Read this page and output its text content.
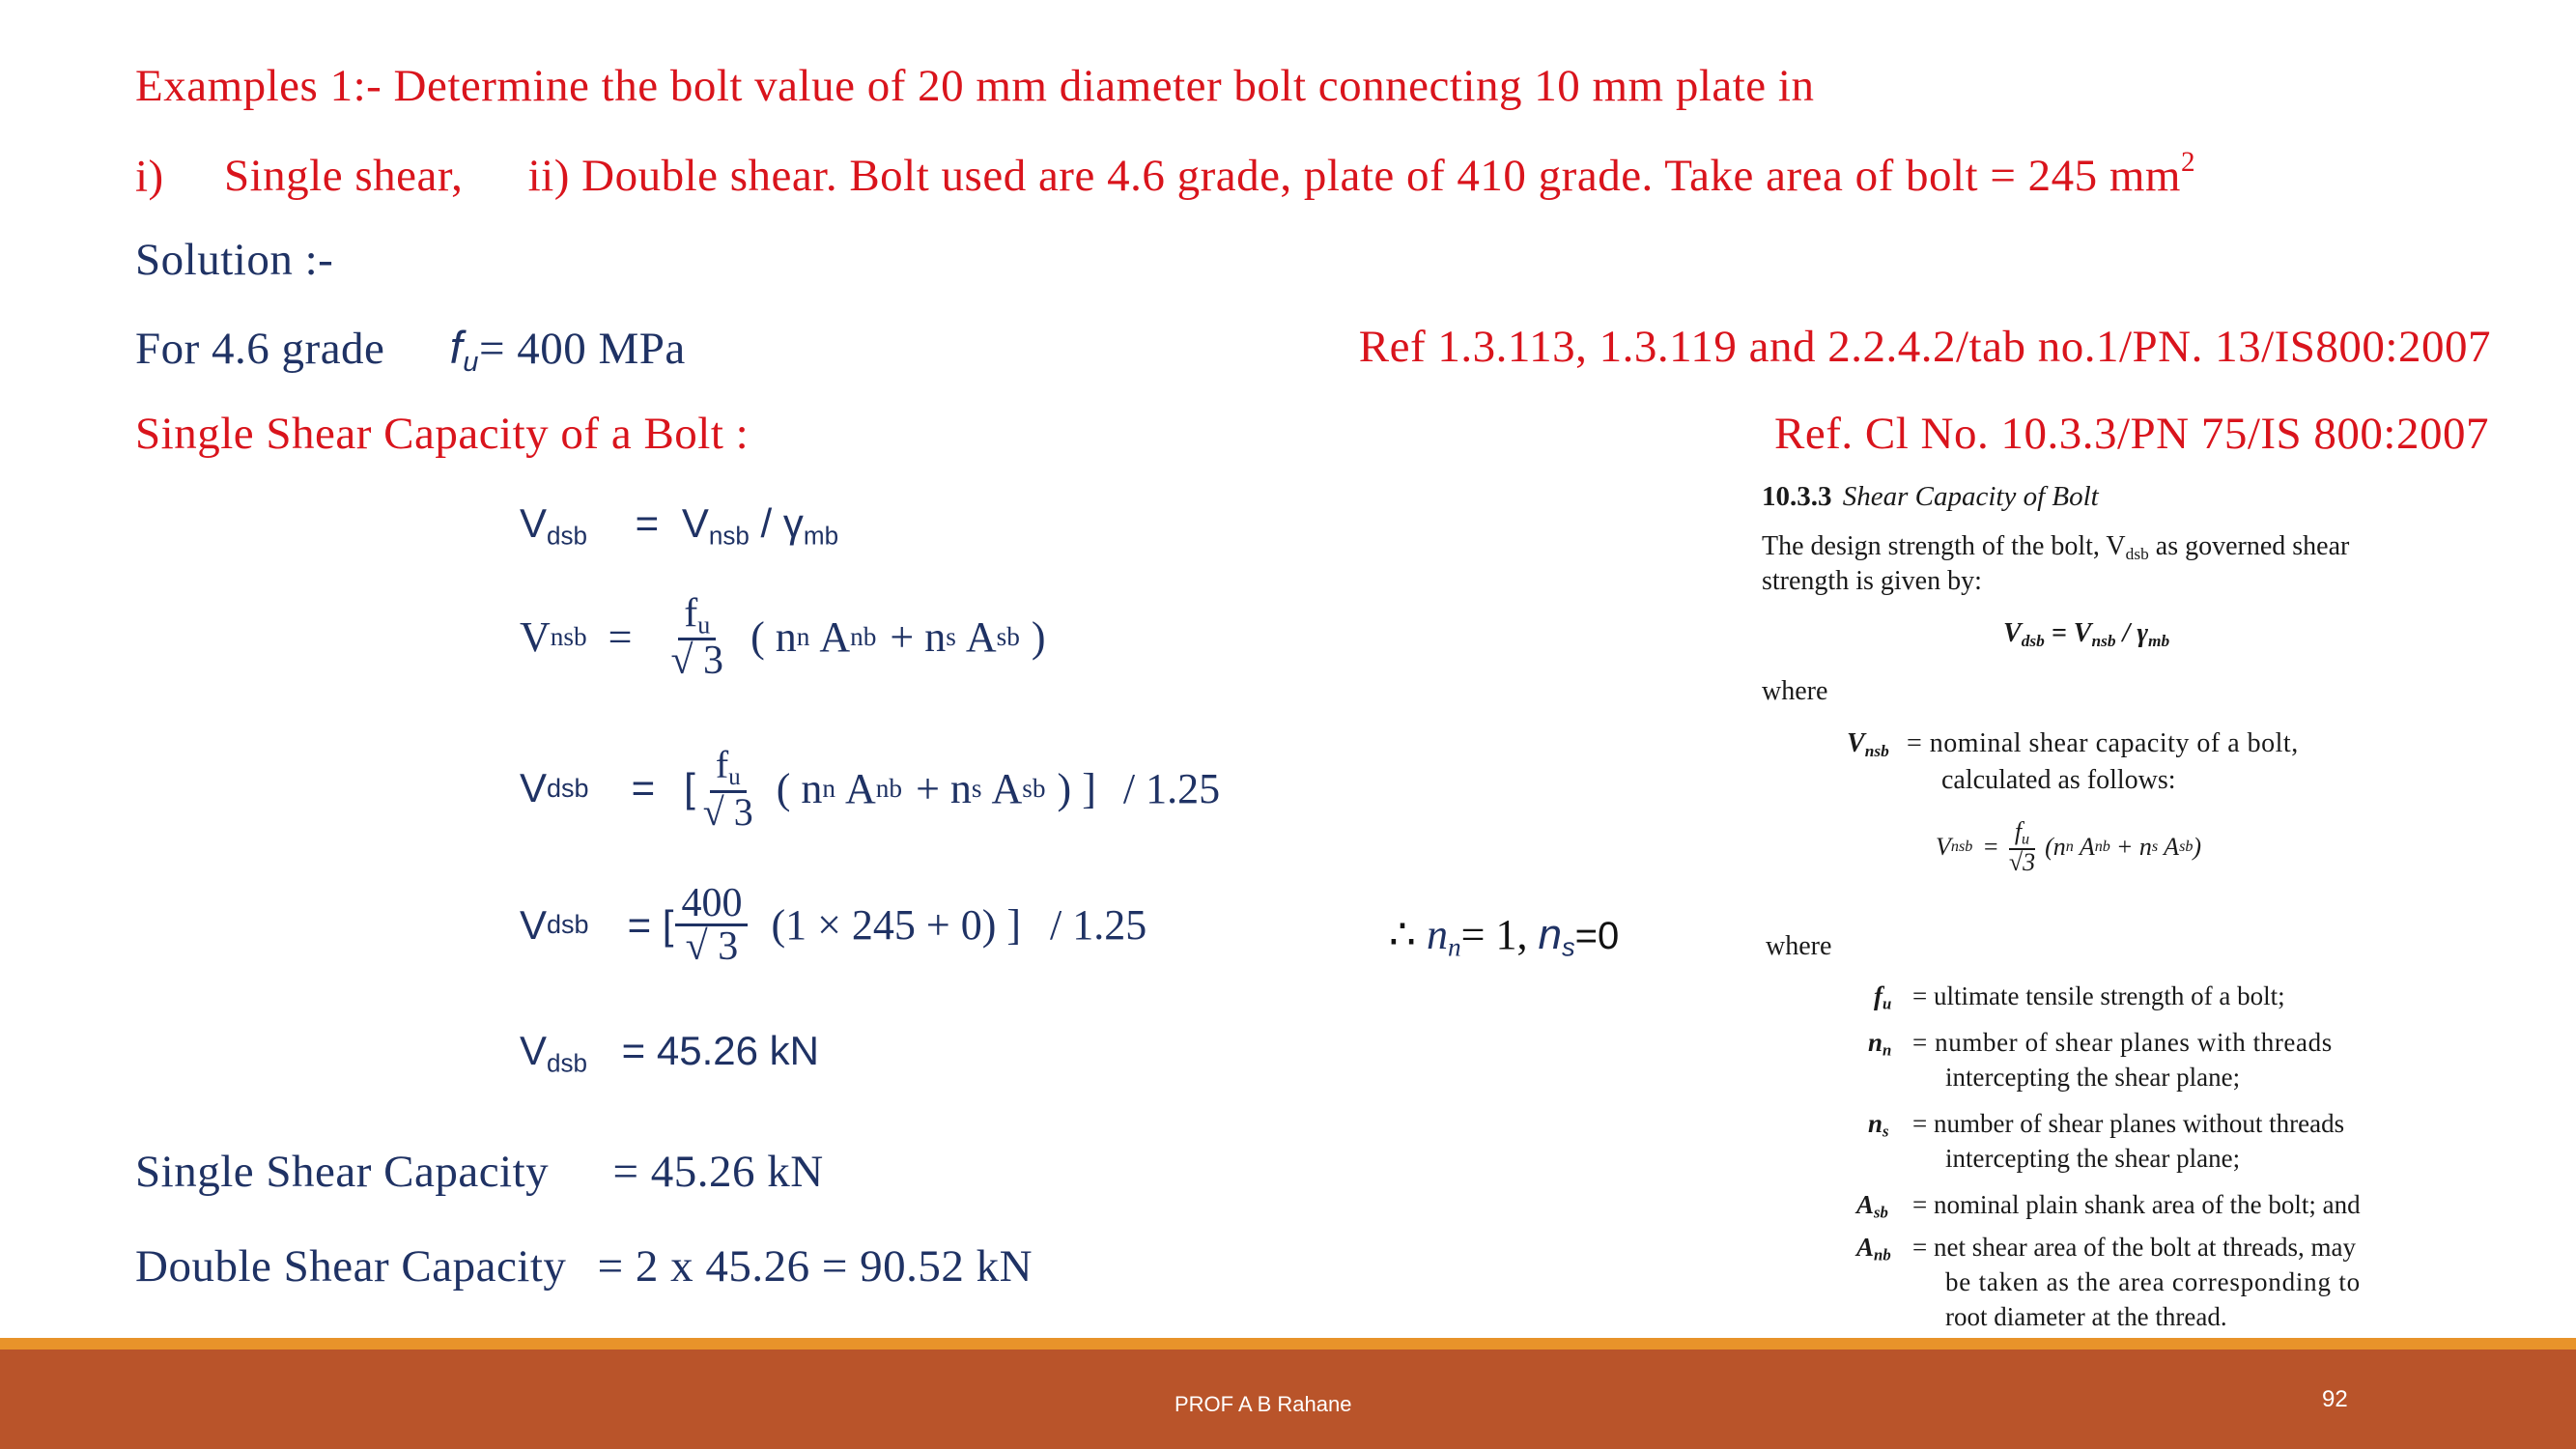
Examples 1:- Determine the bolt value of 20 mm diameter bolt connecting 10 mm plate in
i) Single shear, ii) Double shear. Bolt used are 4.6 grade, plate of 410 grade. Take area of bolt = 245 $mm^2$
Solution :-
For 4.6 grade $f_u= 400$ MPa	Ref 1.3.113, 1.3.119 and 2.2.4.2/tab no.1/PN. 13/IS800:2007
Single Shear Capacity of a Bolt :	Ref. Cl No. 10.3.3/PN 75/IS 800:2007
$V_{dsb} = V_{nsb} / \gamma_{mb}$
V nsb = $\frac{f_u}{√ 3}$ ( n n A nb + n s A sb )
V dsb = [ $\frac{f_u}{√ 3}$ ( n n A nb + n s A sb ) ] / 1.25
V dsb = [ $\frac{400}{√ 3} (1 \times 245 + 0)$ ] / 1.25	∴ $n_n= 1$, $n_s=0$
$V_{dsb} = 45.26$ kN
Single Shear Capacity = 45.26 kN
Double Shear Capacity = 2 x 45.26 = 90.52 kN
10.3.3 Shear Capacity of Bolt
The design strength of the bolt, $V_{dsb}$ as governed shear
strength is given by:
$V_{dsb} = V_{nsb} / \gamma_{mb}$
where
$V_{nsb}$ = nominal shear capacity of a bolt,
calculated as follows:
V nsb = $\frac{f_u}{√3} (n$ n A nb + n s A sb )
where
$f_u$ = ultimate tensile strength of a bolt;
$n_n$ = number of shear planes with threads
intercepting the shear plane;
$n_s$ = number of shear planes without threads
intercepting the shear plane;
$A_{sb}$ = nominal plain shank area of the bolt; and
$A_{nb}$ = net shear area of the bolt at threads, may
be taken as the area corresponding to
root diameter at the thread.
PROF A B Rahane	92
